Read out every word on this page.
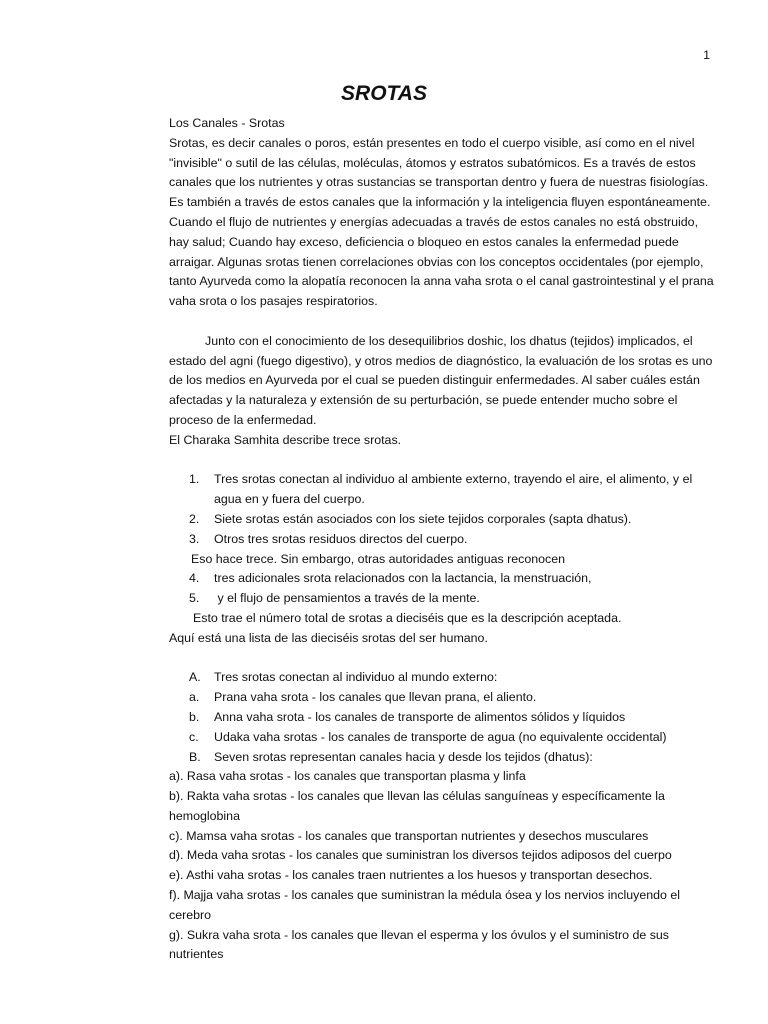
1
SROTAS

Los Canales - Srotas

Srotas, es decir canales o poros, están presentes en todo el cuerpo visible, así como en el nivel "invisible" o sutil de las células, moléculas, átomos y estratos subatómicos. Es a través de estos canales que los nutrientes y otras sustancias se transportan dentro y fuera de nuestras fisiologías. Es también a través de estos canales que la información y la inteligencia fluyen espontáneamente. Cuando el flujo de nutrientes y energías adecuadas a través de estos canales no está obstruido, hay salud; Cuando hay exceso, deficiencia o bloqueo en estos canales la enfermedad puede arraigar. Algunas srotas tienen correlaciones obvias con los conceptos occidentales (por ejemplo, tanto Ayurveda como la alopatía reconocen la anna vaha srota o el canal gastrointestinal y el prana vaha srota o los pasajes respiratorios.

Junto con el conocimiento de los desequilibrios doshic, los dhatus (tejidos) implicados, el estado del agni (fuego digestivo), y otros medios de diagnóstico, la evaluación de los srotas es uno de los medios en Ayurveda por el cual se pueden distinguir enfermedades. Al saber cuáles están afectadas y la naturaleza y extensión de su perturbación, se puede entender mucho sobre el proceso de la enfermedad.

El Charaka Samhita describe trece srotas.

1.	Tres srotas conectan al individuo al ambiente externo, trayendo el aire, el alimento, y el agua en y fuera del cuerpo.
2.	Siete srotas están asociados con los siete tejidos corporales (sapta dhatus).
3.	Otros tres srotas residuos directos del cuerpo.

Eso hace trece. Sin embargo, otras autoridades antiguas reconocen

4.	tres adicionales srota relacionados con la lactancia, la menstruación,
5.	y el flujo de pensamientos a través de la mente.

Esto trae el número total de srotas a dieciséis que es la descripción aceptada.

Aquí está una lista de las dieciséis srotas del ser humano.

A.	Tres srotas conectan al individuo al mundo externo:
a.	Prana vaha srota - los canales que llevan prana, el aliento.
b.	Anna vaha srota - los canales de transporte de alimentos sólidos y líquidos
c.	Udaka vaha srotas - los canales de transporte de agua (no equivalente occidental)
B.	Seven srotas representan canales hacia y desde los tejidos (dhatus):

a). Rasa vaha srotas - los canales que transportan plasma y linfa

b). Rakta vaha srotas - los canales que llevan las células sanguíneas y específicamente la hemoglobina

c). Mamsa vaha srotas - los canales que transportan nutrientes y desechos musculares

d). Meda vaha srotas - los canales que suministran los diversos tejidos adiposos del cuerpo

e). Asthi vaha srotas - los canales traen nutrientes a los huesos y transportan desechos.

f). Majja vaha srotas - los canales que suministran la médula ósea y los nervios incluyendo el cerebro

g). Sukra vaha srota - los canales que llevan el esperma y los óvulos y el suministro de sus nutrientes
